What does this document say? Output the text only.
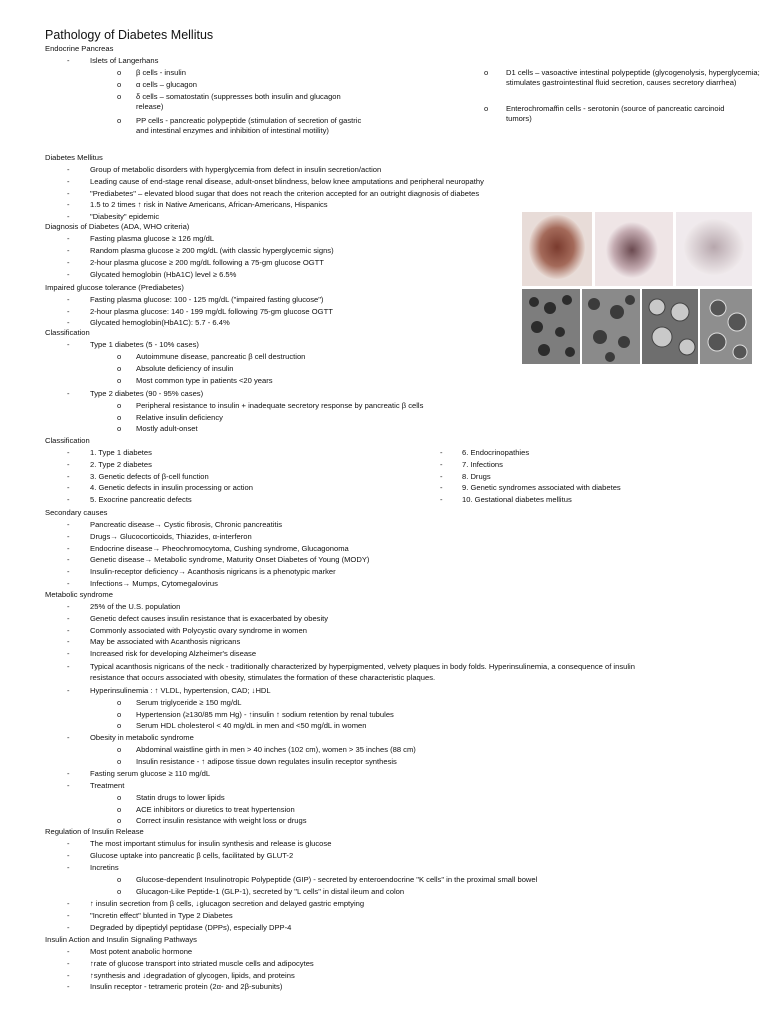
Pathology of Diabetes Mellitus
Endocrine Pancreas
-	Islets of Langerhans
o β cells - insulin
o α cells – glucagon
o δ cells – somatostatin (suppresses both insulin and glucagon release)
o PP cells - pancreatic polypeptide (stimulation of secretion of gastric and intestinal enzymes and inhibition of intestinal motility)
o D1 cells – vasoactive intestinal polypeptide (glycogenolysis, hyperglycemia; stimulates gastrointestinal fluid secretion, causes secretory diarrhea)
o Enterochromaffin cells - serotonin (source of pancreatic carcinoid tumors)
Diabetes Mellitus
-	Group of metabolic disorders with hyperglycemia from defect in insulin secretion/action
-	Leading cause of end-stage renal disease, adult-onset blindness, below knee amputations and peripheral neuropathy
-	"Prediabetes" – elevated blood sugar that does not reach the criterion accepted for an outright diagnosis of diabetes
-	1.5 to 2 times ↑ risk in Native Americans, African-Americans, Hispanics
-	"Diabesity" epidemic
Diagnosis of Diabetes (ADA, WHO criteria)
-	Fasting plasma glucose ≥ 126 mg/dL
-	Random plasma glucose ≥ 200 mg/dL (with classic hyperglycemic signs)
-	2-hour plasma glucose ≥ 200 mg/dL following a 75-gm glucose OGTT
-	Glycated hemoglobin (HbA1C) level ≥ 6.5%
Impaired glucose tolerance (Prediabetes)
-	Fasting plasma glucose: 100 - 125 mg/dL ("impaired fasting glucose")
-	2-hour plasma glucose: 140 - 199 mg/dL following 75-gm glucose OGTT
-	Glycated hemoglobin(HbA1C): 5.7 - 6.4%
Classification
-	Type 1 diabetes (5 - 10% cases)
o Autoimmune disease, pancreatic β cell destruction
o Absolute deficiency of insulin
o Most common type in patients <20 years
-	Type 2 diabetes (90 - 95% cases)
o Peripheral resistance to insulin + inadequate secretory response by pancreatic β cells
o Relative insulin deficiency
o Mostly adult-onset
Classification
-	1. Type 1 diabetes
-	2. Type 2 diabetes
-	3. Genetic defects of β-cell function
-	4. Genetic defects in insulin processing or action
-	5. Exocrine pancreatic defects
-	6. Endocrinopathies
-	7. Infections
-	8. Drugs
-	9. Genetic syndromes associated with diabetes
-	10. Gestational diabetes mellitus
Secondary causes
-	Pancreatic disease→ Cystic fibrosis, Chronic pancreatitis
-	Drugs→ Glucocorticoids, Thiazides, α-interferon
-	Endocrine disease→ Pheochromocytoma, Cushing syndrome, Glucagonoma
-	Genetic disease→ Metabolic syndrome, Maturity Onset Diabetes of Young (MODY)
-	Insulin-receptor deficiency→ Acanthosis nigricans is a phenotypic marker
-	Infections→ Mumps, Cytomegalovirus
Metabolic syndrome
-	25% of the U.S. population
-	Genetic defect causes insulin resistance that is exacerbated by obesity
-	Commonly associated with Polycystic ovary syndrome in women
-	May be associated with Acanthosis nigricans
-	Increased risk for developing Alzheimer's disease
-	Typical acanthosis nigricans of the neck - traditionally characterized by hyperpigmented, velvety plaques in body folds. Hyperinsulinemia, a consequence of insulin
resistance that occurs associated with obesity, stimulates the formation of these characteristic plaques.
-	Hyperinsulinemia : ↑ VLDL, hypertension, CAD; ↓HDL
o Serum triglyceride ≥ 150 mg/dL
o Hypertension (≥130/85 mm Hg) - ↑insulin ↑ sodium retention by renal tubules
o Serum HDL cholesterol < 40 mg/dL in men and <50 mg/dL in women
-	Obesity in metabolic syndrome
o Abdominal waistline girth in men > 40 inches (102 cm), women > 35 inches (88 cm)
o Insulin resistance - ↑ adipose tissue down regulates insulin receptor synthesis
-	Fasting serum glucose ≥ 110 mg/dL
-	Treatment
o Statin drugs to lower lipids
o ACE inhibitors or diuretics to treat hypertension
o Correct insulin resistance with weight loss or drugs
Regulation of Insulin Release
-	The most important stimulus for insulin synthesis and release is glucose
-	Glucose uptake into pancreatic β cells, facilitated by GLUT-2
-	Incretins
o Glucose-dependent Insulinotropic Polypeptide (GIP) - secreted by enteroendocrine "K cells" in the proximal small bowel
o Glucagon-Like Peptide-1 (GLP-1), secreted by "L cells" in distal ileum and colon
-	↑ insulin secretion from β cells, ↓glucagon secretion and delayed gastric emptying
-	"Incretin effect" blunted in Type 2 Diabetes
-	Degraded by dipeptidyl peptidase (DPPs), especially DPP-4
Insulin Action and Insulin Signaling Pathways
-	Most potent anabolic hormone
-	↑rate of glucose transport into striated muscle cells and adipocytes
-	↑synthesis and ↓degradation of glycogen, lipids, and proteins
-	Insulin receptor - tetrameric protein (2α- and 2β-subunits)
